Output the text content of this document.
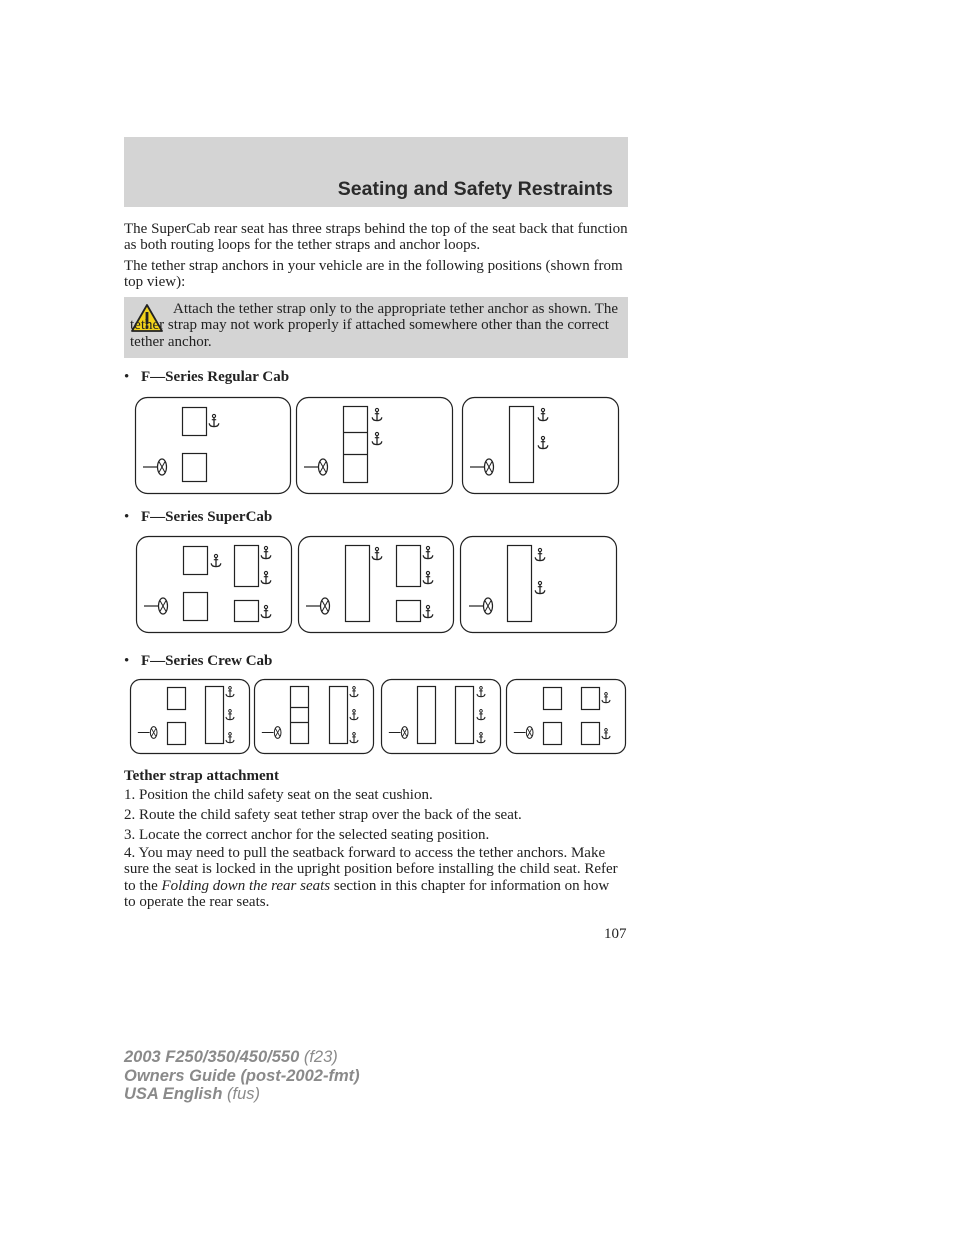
Seating and Safety Restraints
The SuperCab rear seat has three straps behind the top of the seat back that function as both routing loops for the tether straps and anchor loops.
The tether strap anchors in your vehicle are in the following positions (shown from top view):
Attach the tether strap only to the appropriate tether anchor as shown. The tether strap may not work properly if attached somewhere other than the correct tether anchor.
• F—Series Regular Cab
• F—Series SuperCab
• F—Series Crew Cab
Tether strap attachment
1. Position the child safety seat on the seat cushion.
2. Route the child safety seat tether strap over the back of the seat.
3. Locate the correct anchor for the selected seating position.
4. You may need to pull the seatback forward to access the tether anchors. Make sure the seat is locked in the upright position before installing the child seat. Refer to the Folding down the rear seats section in this chapter for information on how to operate the rear seats.
107
2003 F250/350/450/550 (f23)
Owners Guide (post-2002-fmt)
USA English (fus)
